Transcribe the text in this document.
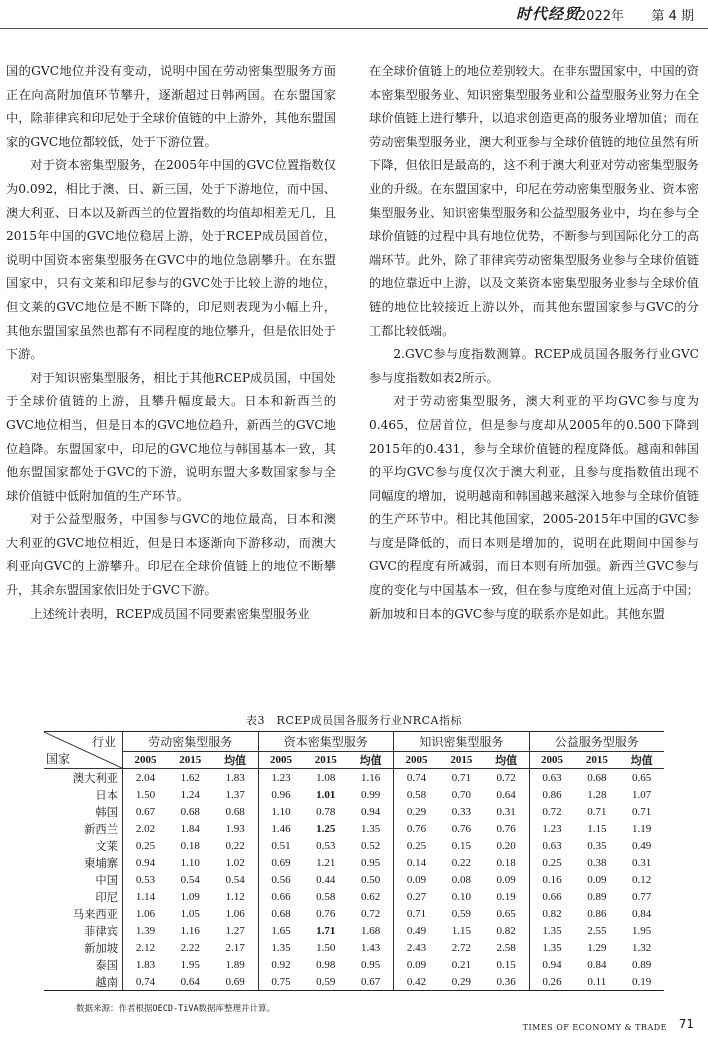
时代经贸
2022年 第 4 期

国的GVC地位并没有变动，说明中国在劳动密集型服务方面正在向高附加值环节攀升，逐渐超过日韩两国。在东盟国家中，除菲律宾和印尼处于全球价值链的中上游外，其他东盟国家的GVC地位都较低，处于下游位置。

对于资本密集型服务，在2005年中国的GVC位置指数仅为0.092，相比于澳、日、新三国，处于下游地位，而中国、澳大利亚、日本以及新西兰的位置指数的均值却相差无几，且2015年中国的GVC地位稳居上游，处于RCEP成员国首位，说明中国资本密集型服务在GVC中的地位急剧攀升。在东盟国家中，只有文莱和印尼参与的GVC处于比较上游的地位，但文莱的GVC地位是不断下降的，印尼则表现为小幅上升，其他东盟国家虽然也都有不同程度的地位攀升，但是依旧处于下游。

对于知识密集型服务，相比于其他RCEP成员国，中国处于全球价值链的上游，且攀升幅度最大。日本和新西兰的GVC地位相当，但是日本的GVC地位趋升，新西兰的GVC地位趋降。东盟国家中，印尼的GVC地位与韩国基本一致，其他东盟国家都处于GVC的下游，说明东盟大多数国家参与全球价值链中低附加值的生产环节。

对于公益型服务，中国参与GVC的地位最高，日本和澳大利亚的GVC地位相近，但是日本逐渐向下游移动，而澳大利亚向GVC的上游攀升。印尼在全球价值链上的地位不断攀升，其余东盟国家依旧处于GVC下游。

上述统计表明，RCEP成员国不同要素密集型服务业

在全球价值链上的地位差别较大。在非东盟国家中，中国的资本密集型服务业、知识密集型服务业和公益型服务业努力在全球价值链上进行攀升，以追求创造更高的服务业增加值；而在劳动密集型服务业，澳大利亚参与全球价值链的地位虽然有所下降，但依旧是最高的，这不利于澳大利亚对劳动密集型服务业的升级。在东盟国家中，印尼在劳动密集型服务业、资本密集型服务业、知识密集型服务和公益型服务业中，均在参与全球价值链的过程中具有地位优势，不断参与到国际化分工的高端环节。此外，除了菲律宾劳动密集型服务业参与全球价值链的地位靠近中上游，以及文莱资本密集型服务业参与全球价值链的地位比较接近上游以外，而其他东盟国家参与GVC的分工都比较低端。

2.GVC参与度指数测算。RCEP成员国各服务行业GVC参与度指数如表2所示。

对于劳动密集型服务，澳大利亚的平均GVC参与度为0.465，位居首位，但是参与度却从2005年的0.500下降到2015年的0.431，参与全球价值链的程度降低。越南和韩国的平均GVC参与度仅次于澳大利亚，且参与度指数值出现不同幅度的增加，说明越南和韩国越来越深入地参与全球价值链的生产环节中。相比其他国家，2005-2015年中国的GVC参与度是降低的，而日本则是增加的，说明在此期间中国参与GVC的程度有所减弱，而日本则有所加强。新西兰GVC参与度的变化与中国基本一致，但在参与度绝对值上远高于中国；新加坡和日本的GVC参与度的联系亦是如此。其他东盟

表3　RCEP成员国各服务行业NRCA指标
行业
国家	劳动密集型服务			资本密集型服务			知识密集型服务			公益服务型服务		
	2005	2015	均值	2005	2015	均值	2005	2015	均值	2005	2015	均值
澳大利亚	2.04	1.62	1.83	1.23	1.08	1.16	0.74	0.71	0.72	0.63	0.68	0.65
日本	1.50	1.24	1.37	0.96	1.01	0.99	0.58	0.70	0.64	0.86	1.28	1.07
韩国	0.67	0.68	0.68	1.10	0.78	0.94	0.29	0.33	0.31	0.72	0.71	0.71
新西兰	2.02	1.84	1.93	1.46	1.25	1.35	0.76	0.76	0.76	1.23	1.15	1.19
文莱	0.25	0.18	0.22	0.51	0.53	0.52	0.25	0.15	0.20	0.63	0.35	0.49
柬埔寨	0.94	1.10	1.02	0.69	1.21	0.95	0.14	0.22	0.18	0.25	0.38	0.31
中国	0.53	0.54	0.54	0.56	0.44	0.50	0.09	0.08	0.09	0.16	0.09	0.12
印尼	1.14	1.09	1.12	0.66	0.58	0.62	0.27	0.10	0.19	0.66	0.89	0.77
马来西亚	1.06	1.05	1.06	0.68	0.76	0.72	0.71	0.59	0.65	0.82	0.86	0.84
菲律宾	1.39	1.16	1.27	1.65	1.71	1.68	0.49	1.15	0.82	1.35	2.55	1.95
新加坡	2.12	2.22	2.17	1.35	1.50	1.43	2.43	2.72	2.58	1.35	1.29	1.32
泰国	1.83	1.95	1.89	0.92	0.98	0.95	0.09	0.21	0.15	0.94	0.84	0.89
越南	0.74	0.64	0.69	0.75	0.59	0.67	0.42	0.29	0.36	0.26	0.11	0.19
数据来源：作者根据OECD-TiVA数据库整理并计算。
TIMES OF ECONOMY & TRADE 71
